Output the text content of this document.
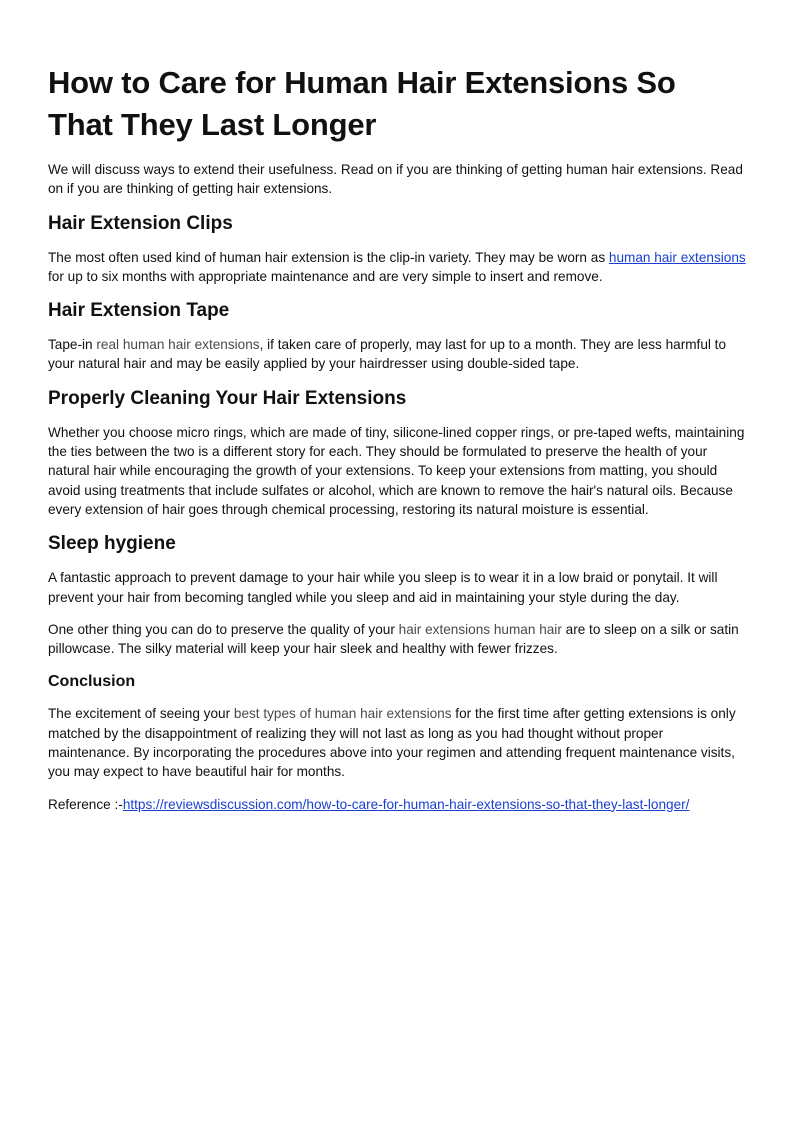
How to Care for Human Hair Extensions So That They Last Longer

We will discuss ways to extend their usefulness. Read on if you are thinking of getting human hair extensions. Read on if you are thinking of getting hair extensions.

Hair Extension Clips

The most often used kind of human hair extension is the clip-in variety. They may be worn as human hair extensions for up to six months with appropriate maintenance and are very simple to insert and remove.

Hair Extension Tape

Tape-in real human hair extensions, if taken care of properly, may last for up to a month. They are less harmful to your natural hair and may be easily applied by your hairdresser using double-sided tape.

Properly Cleaning Your Hair Extensions

Whether you choose micro rings, which are made of tiny, silicone-lined copper rings, or pre-taped wefts, maintaining the ties between the two is a different story for each. They should be formulated to preserve the health of your natural hair while encouraging the growth of your extensions. To keep your extensions from matting, you should avoid using treatments that include sulfates or alcohol, which are known to remove the hair's natural oils. Because every extension of hair goes through chemical processing, restoring its natural moisture is essential.

Sleep hygiene

A fantastic approach to prevent damage to your hair while you sleep is to wear it in a low braid or ponytail. It will prevent your hair from becoming tangled while you sleep and aid in maintaining your style during the day.

One other thing you can do to preserve the quality of your hair extensions human hair are to sleep on a silk or satin pillowcase. The silky material will keep your hair sleek and healthy with fewer frizzes.

Conclusion

The excitement of seeing your best types of human hair extensions for the first time after getting extensions is only matched by the disappointment of realizing they will not last as long as you had thought without proper maintenance. By incorporating the procedures above into your regimen and attending frequent maintenance visits, you may expect to have beautiful hair for months.

Reference :-https://reviewsdiscussion.com/how-to-care-for-human-hair-extensions-so-that-they-last-longer/
